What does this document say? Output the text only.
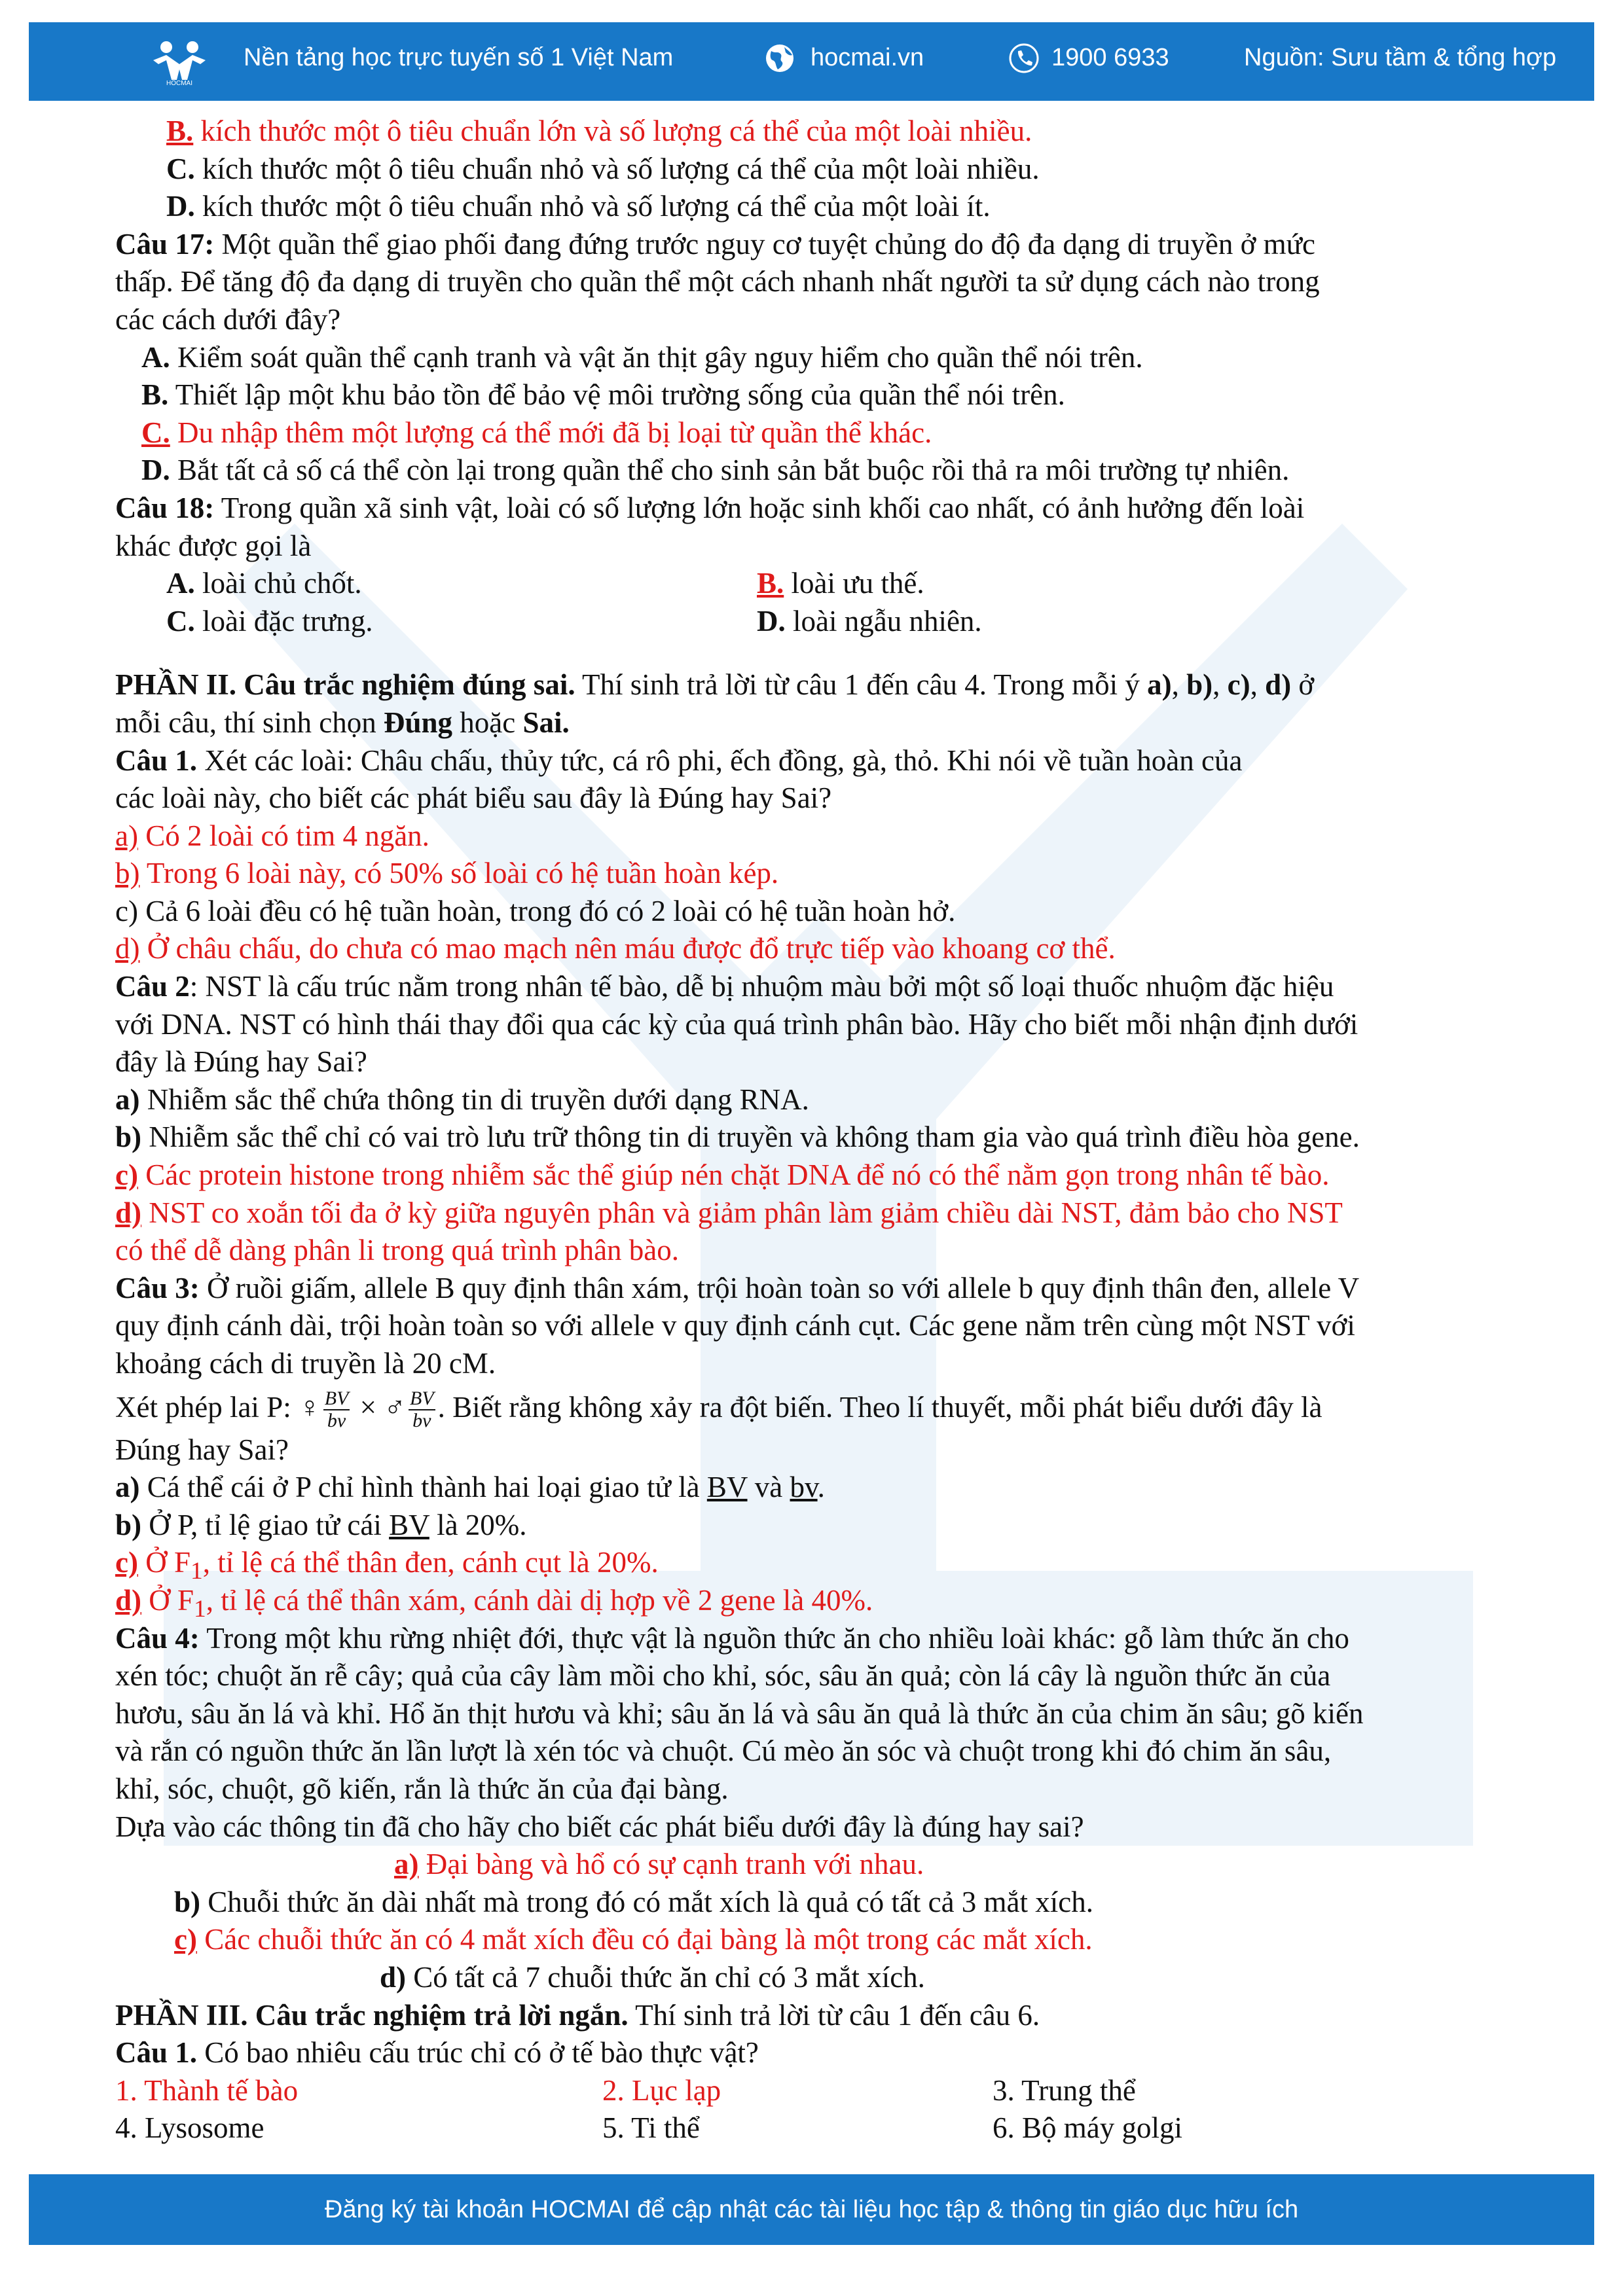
HOCMAI
Nền tảng học trực tuyến số 1 Việt Nam	hocmai.vn	1900 6933	Nguồn: Sưu tầm & tổng hợp
B. kích thước một ô tiêu chuẩn lớn và số lượng cá thể của một loài nhiều.
C. kích thước một ô tiêu chuẩn nhỏ và số lượng cá thể của một loài nhiều.
D. kích thước một ô tiêu chuẩn nhỏ và số lượng cá thể của một loài ít.
Câu 17: Một quần thể giao phối đang đứng trước nguy cơ tuyệt chủng do độ đa dạng di truyền ở mức
thấp. Để tăng độ đa dạng di truyền cho quần thể một cách nhanh nhất người ta sử dụng cách nào trong
các cách dưới đây?
A. Kiểm soát quần thể cạnh tranh và vật ăn thịt gây nguy hiểm cho quần thể nói trên.
B. Thiết lập một khu bảo tồn để bảo vệ môi trường sống của quần thể nói trên.
C. Du nhập thêm một lượng cá thể mới đã bị loại từ quần thể khác.
D. Bắt tất cả số cá thể còn lại trong quần thể cho sinh sản bắt buộc rồi thả ra môi trường tự nhiên.
Câu 18: Trong quần xã sinh vật, loài có số lượng lớn hoặc sinh khối cao nhất, có ảnh hưởng đến loài
khác được gọi là
A. loài chủ chốt.	B. loài ưu thế.
C. loài đặc trưng.	D. loài ngẫu nhiên.
PHẦN II. Câu trắc nghiệm đúng sai. Thí sinh trả lời từ câu 1 đến câu 4. Trong mỗi ý a), b), c), d) ở
mỗi câu, thí sinh chọn Đúng hoặc Sai.
Câu 1. Xét các loài: Châu chấu, thủy tức, cá rô phi, ếch đồng, gà, thỏ. Khi nói về tuần hoàn của
các loài này, cho biết các phát biểu sau đây là Đúng hay Sai?
a) Có 2 loài có tim 4 ngăn.
b) Trong 6 loài này, có 50% số loài có hệ tuần hoàn kép.
c) Cả 6 loài đều có hệ tuần hoàn, trong đó có 2 loài có hệ tuần hoàn hở.
d) Ở châu chấu, do chưa có mao mạch nên máu được đổ trực tiếp vào khoang cơ thể.
Câu 2: NST là cấu trúc nằm trong nhân tế bào, dễ bị nhuộm màu bởi một số loại thuốc nhuộm đặc hiệu
với DNA. NST có hình thái thay đổi qua các kỳ của quá trình phân bào. Hãy cho biết mỗi nhận định dưới
đây là Đúng hay Sai?
a) Nhiễm sắc thể chứa thông tin di truyền dưới dạng RNA.
b) Nhiễm sắc thể chỉ có vai trò lưu trữ thông tin di truyền và không tham gia vào quá trình điều hòa gene.
c) Các protein histone trong nhiễm sắc thể giúp nén chặt DNA để nó có thể nằm gọn trong nhân tế bào.
d) NST co xoắn tối đa ở kỳ giữa nguyên phân và giảm phân làm giảm chiều dài NST, đảm bảo cho NST
có thể dễ dàng phân li trong quá trình phân bào.
Câu 3: Ở ruồi giấm, allele B quy định thân xám, trội hoàn toàn so với allele b quy định thân đen, allele V
quy định cánh dài, trội hoàn toàn so với allele v quy định cánh cụt. Các gene nằm trên cùng một NST với
khoảng cách di truyền là 20 cM.
Xét phép lai P: ♀ $\frac{BV}{bv}$ × ♂ $\frac{BV}{bv}$ . Biết rằng không xảy ra đột biến. Theo lí thuyết, mỗi phát biểu dưới đây là
Đúng hay Sai?
a) Cá thể cái ở P chỉ hình thành hai loại giao tử là BV và bv.
b) Ở P, tỉ lệ giao tử cái BV là 20%.
c) Ở $F_1$, tỉ lệ cá thể thân đen, cánh cụt là 20%.
d) Ở $F_1$, tỉ lệ cá thể thân xám, cánh dài dị hợp về 2 gene là 40%.
Câu 4: Trong một khu rừng nhiệt đới, thực vật là nguồn thức ăn cho nhiều loài khác: gỗ làm thức ăn cho
xén tóc; chuột ăn rễ cây; quả của cây làm mồi cho khỉ, sóc, sâu ăn quả; còn lá cây là nguồn thức ăn của
hươu, sâu ăn lá và khỉ. Hổ ăn thịt hươu và khỉ; sâu ăn lá và sâu ăn quả là thức ăn của chim ăn sâu; gõ kiến
và rắn có nguồn thức ăn lần lượt là xén tóc và chuột. Cú mèo ăn sóc và chuột trong khi đó chim ăn sâu,
khỉ, sóc, chuột, gõ kiến, rắn là thức ăn của đại bàng.
Dựa vào các thông tin đã cho hãy cho biết các phát biểu dưới đây là đúng hay sai?
a) Đại bàng và hổ có sự cạnh tranh với nhau.
b) Chuỗi thức ăn dài nhất mà trong đó có mắt xích là quả có tất cả 3 mắt xích.
c) Các chuỗi thức ăn có 4 mắt xích đều có đại bàng là một trong các mắt xích.
d) Có tất cả 7 chuỗi thức ăn chỉ có 3 mắt xích.
PHẦN III. Câu trắc nghiệm trả lời ngắn. Thí sinh trả lời từ câu 1 đến câu 6.
Câu 1. Có bao nhiêu cấu trúc chỉ có ở tế bào thực vật?
1. Thành tế bào	2. Lục lạp	3. Trung thể
4. Lysosome	5. Ti thể	6. Bộ máy golgi
Đăng ký tài khoản HOCMAI để cập nhật các tài liệu học tập & thông tin giáo dục hữu ích
